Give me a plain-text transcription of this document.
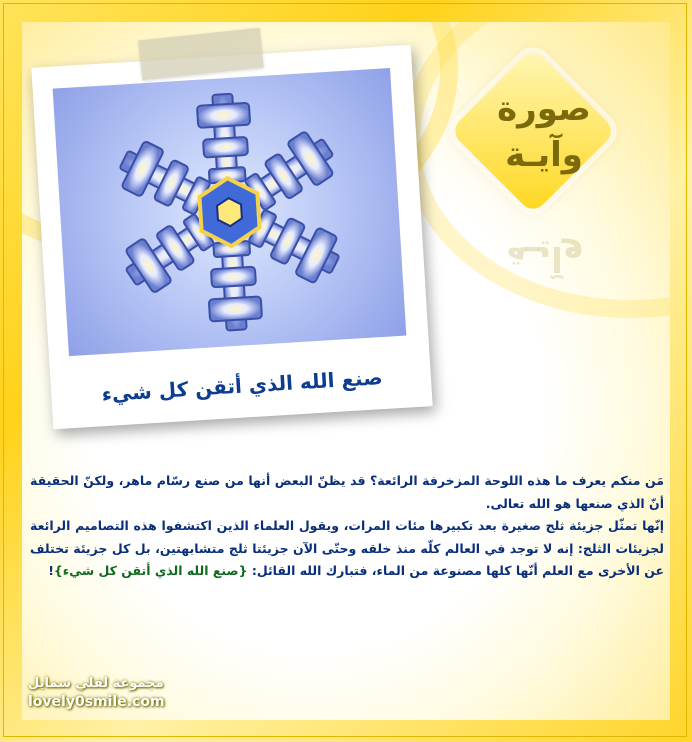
صورة
وآيـة
وآيـة
صنع الله الذي أتقن كل شيء

مَن منكم يعرف ما هذه اللوحة المزخرفة الرائعة؟ قد يظنّ البعض أنها من صنع رسّام ماهر، ولكنّ الحقيقة أنّ الذي صنعها هو الله تعالى.

إنّها تمثّل جزيئة ثلج صغيرة بعد تكبيرها مئات المرات، ويقول العلماء الذين اكتشفوا هذه التصاميم الرائعة لجزيئات الثلج: إنه لا توجد في العالم كلّه منذ خلقه وحتّى الآن جزيئتا ثلج متشابهتين، بل كل جزيئة تختلف عن الأخرى مع العلم أنّها كلها مصنوعة من الماء، فتبارك الله القائل: {صنع الله الذي أتقن كل شيء}!

مجموعة لفلي سمايل
lovely0smile.com
